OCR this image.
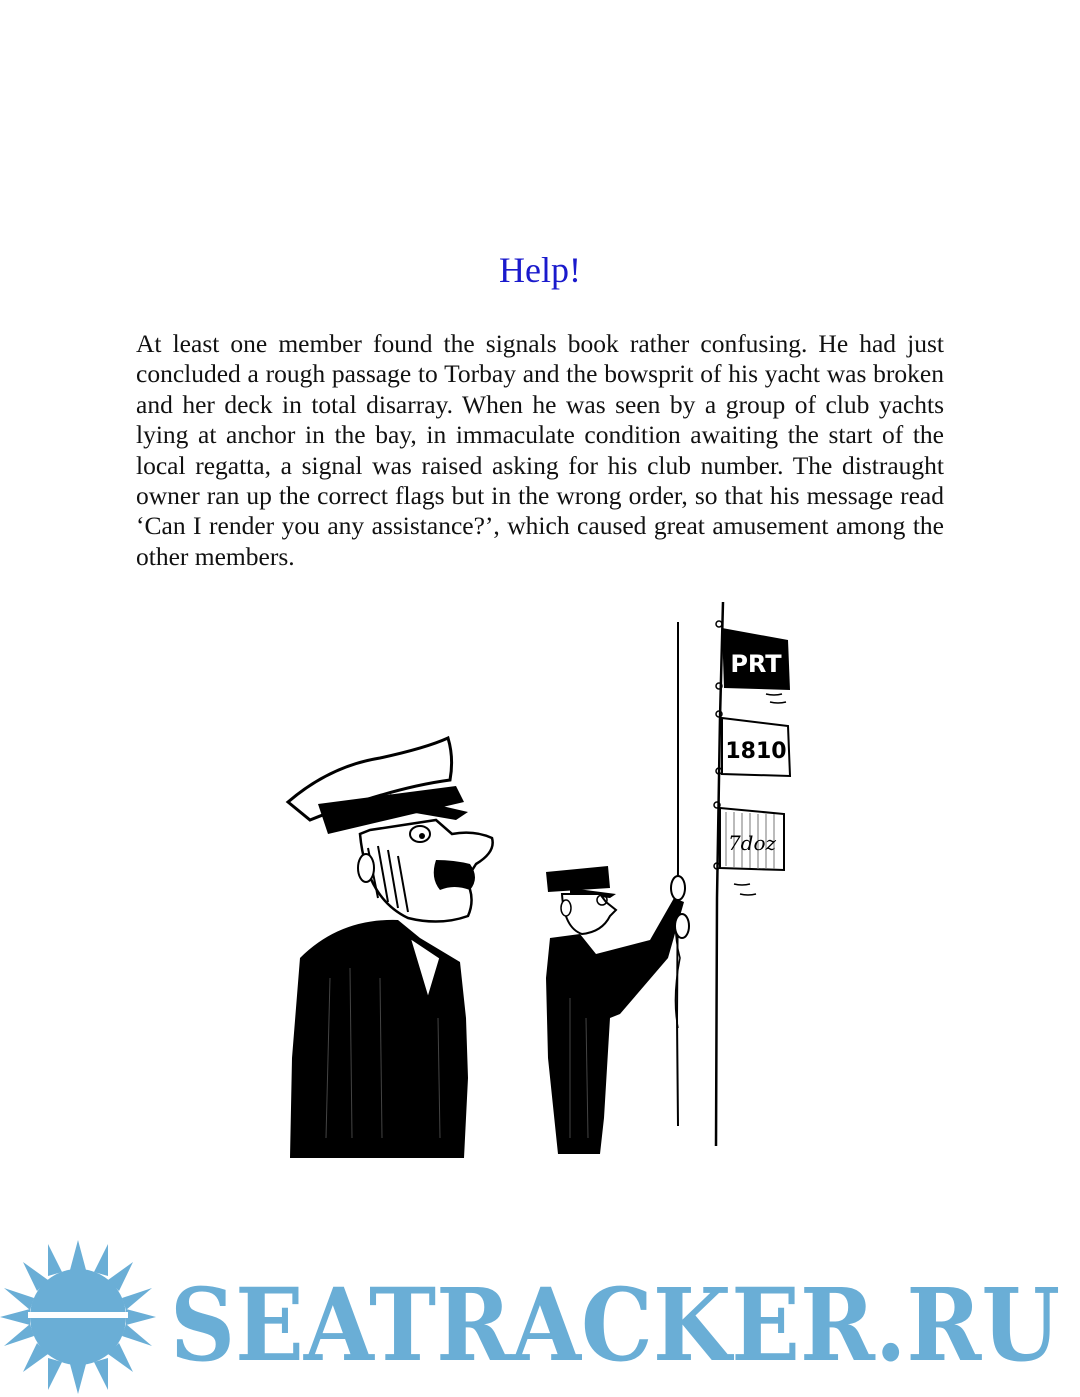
Help!

At least one member found the signals book rather confusing. He had just concluded a rough passage to Torbay and the bowsprit of his yacht was broken and her deck in total disarray. When he was seen by a group of club yachts lying at anchor in the bay, in immaculate condition awaiting the start of the local regatta, a signal was raised asking for his club number. The distraught owner ran up the correct flags but in the wrong order, so that his message read ‘Can I render you any assistance?’, which caused great amusement among the other members.

PRT
1810
7doz
SEATRACKER.RU
